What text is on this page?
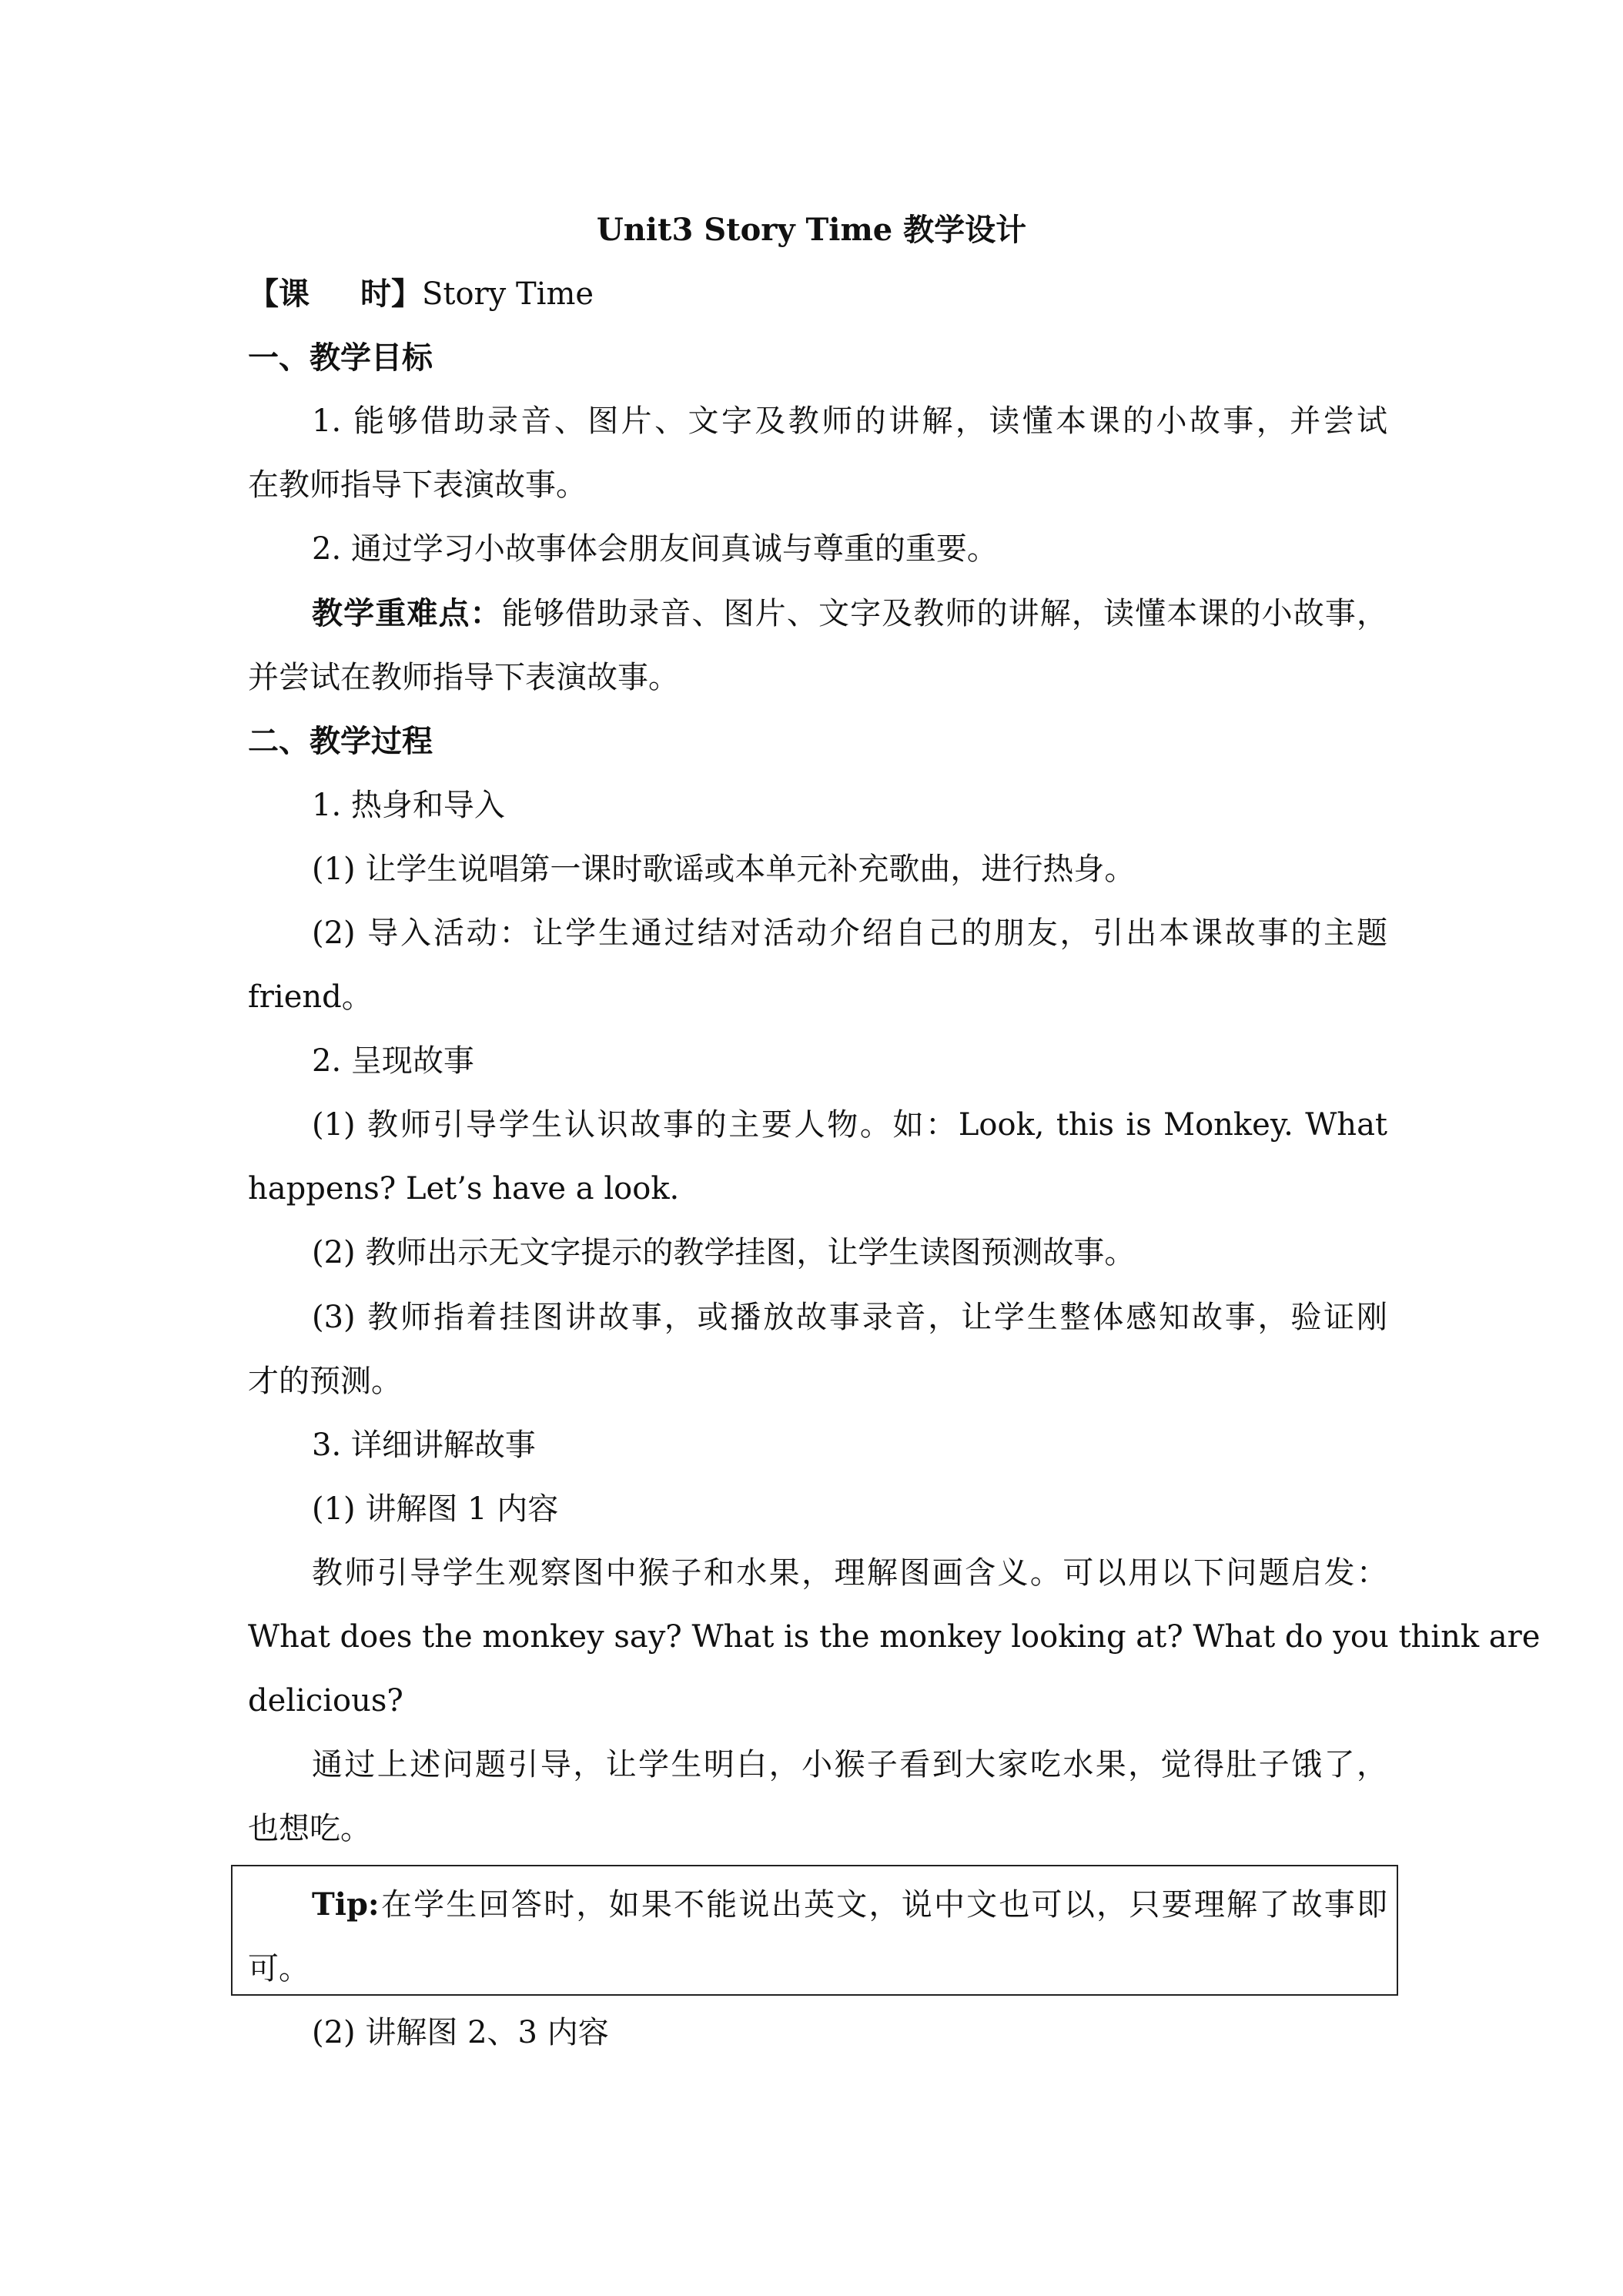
Unit3 Story Time 教学设计
【课 时】Story Time
一、教学目标
1. 能够借助录音、图片、文字及教师的讲解，读懂本课的小故事，并尝试
在教师指导下表演故事。
2. 通过学习小故事体会朋友间真诚与尊重的重要。
教学重难点：能够借助录音、图片、文字及教师的讲解，读懂本课的小故事，
并尝试在教师指导下表演故事。
二、教学过程
1. 热身和导入
(1) 让学生说唱第一课时歌谣或本单元补充歌曲，进行热身。
(2) 导入活动：让学生通过结对活动介绍自己的朋友，引出本课故事的主题
friend。
2. 呈现故事
(1) 教师引导学生认识故事的主要人物。如：Look, this is Monkey. What
happens? Let’s have a look.
(2) 教师出示无文字提示的教学挂图，让学生读图预测故事。
(3) 教师指着挂图讲故事，或播放故事录音，让学生整体感知故事，验证刚
才的预测。
3. 详细讲解故事
(1) 讲解图 1 内容
教师引导学生观察图中猴子和水果，理解图画含义。可以用以下问题启发：
What does the monkey say? What is the monkey looking at? What do you think are
delicious?
通过上述问题引导，让学生明白，小猴子看到大家吃水果，觉得肚子饿了，
也想吃。
Tip:在学生回答时，如果不能说出英文，说中文也可以，只要理解了故事即
可。
(2) 讲解图 2、3 内容
